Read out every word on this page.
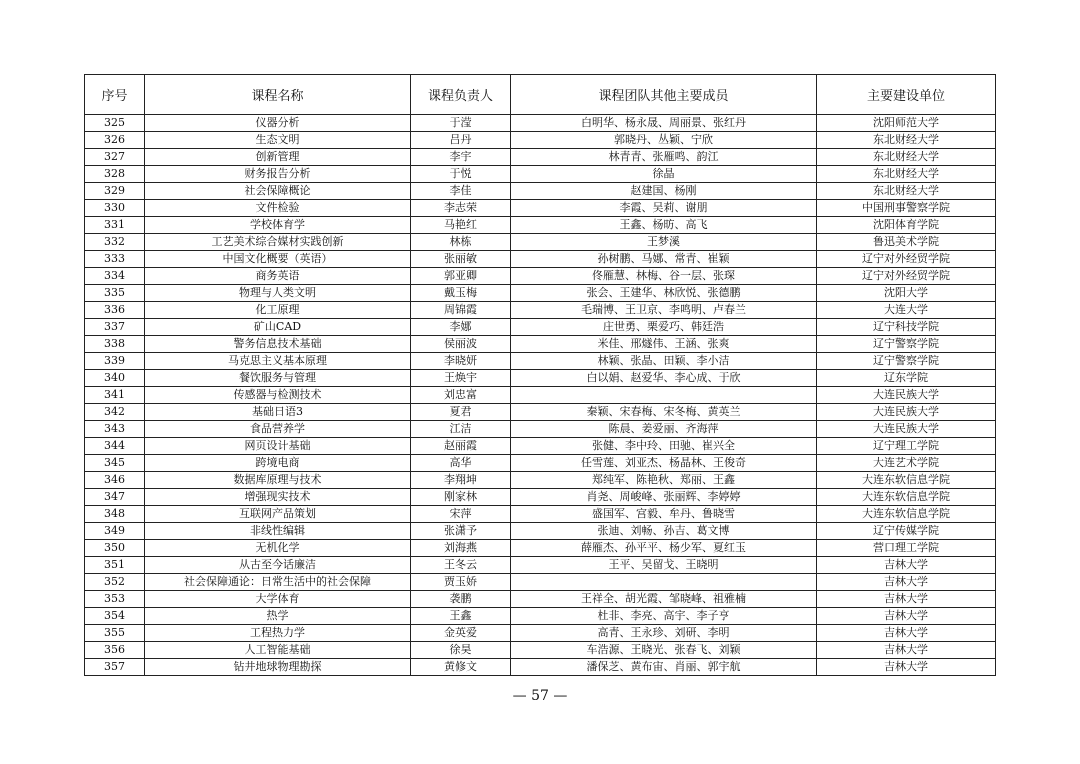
序号	课程名称	课程负责人	课程团队其他主要成员	主要建设单位
325	仪器分析	于滢	白明华、杨永晟、周丽景、张红丹	沈阳师范大学
326	生态文明	吕丹	郭晓丹、丛颖、宁欣	东北财经大学
327	创新管理	李宇	林青青、张雁鸣、韵江	东北财经大学
328	财务报告分析	于悦	徐晶	东北财经大学
329	社会保障概论	李佳	赵建国、杨刚	东北财经大学
330	文件检验	李志荣	李霞、吴莉、谢朋	中国刑事警察学院
331	学校体育学	马艳红	王鑫、杨昉、高飞	沈阳体育学院
332	工艺美术综合媒材实践创新	林栋	王梦溪	鲁迅美术学院
333	中国文化概要（英语）	张丽敏	孙树鹏、马娜、常青、崔颖	辽宁对外经贸学院
334	商务英语	郭亚卿	佟雁慧、林梅、谷一层、张琛	辽宁对外经贸学院
335	物理与人类文明	戴玉梅	张会、王建华、林欣悦、张德鹏	沈阳大学
336	化工原理	周锦霞	毛瑞博、王卫京、李鸣明、卢春兰	大连大学
337	矿山CAD	李娜	庄世勇、栗爱巧、韩廷浩	辽宁科技学院
338	警务信息技术基础	侯丽波	米佳、邢燧伟、王涵、张爽	辽宁警察学院
339	马克思主义基本原理	李晓妍	林颖、张晶、田颖、李小洁	辽宁警察学院
340	餐饮服务与管理	王焕宇	白以娟、赵爱华、李心成、于欣	辽东学院
341	传感器与检测技术	刘忠富		大连民族大学
342	基础日语3	夏君	秦颖、宋春梅、宋冬梅、黄英兰	大连民族大学
343	食品营养学	江洁	陈晨、姜爱丽、齐海萍	大连民族大学
344	网页设计基础	赵丽霞	张健、李中玲、田驰、崔兴全	辽宁理工学院
345	跨境电商	高华	任雪莲、刘亚杰、杨晶林、王俊奇	大连艺术学院
346	数据库原理与技术	李翔坤	郑纯军、陈艳秋、郑丽、王鑫	大连东软信息学院
347	增强现实技术	刚家林	肖尧、周峻峰、张丽辉、李婷婷	大连东软信息学院
348	互联网产品策划	宋萍	盛国军、宫毅、牟丹、鲁晓雪	大连东软信息学院
349	非线性编辑	张潇予	张迪、刘畅、孙吉、葛文博	辽宁传媒学院
350	无机化学	刘海燕	薛雁杰、孙平平、杨少军、夏红玉	营口理工学院
351	从古至今话廉洁	王冬云	王平、吴留戈、王晓明	吉林大学
352	社会保障通论：日常生活中的社会保障	贾玉娇		吉林大学
353	大学体育	袭鹏	王祥全、胡光霞、邹晓峰、祖雅楠	吉林大学
354	热学	王鑫	杜非、李亮、高宇、李子亨	吉林大学
355	工程热力学	金英爱	高青、王永珍、刘研、李明	吉林大学
356	人工智能基础	徐昊	车浩源、王晓光、张春飞、刘颖	吉林大学
357	钻井地球物理勘探	黄修文	潘保芝、黄布宙、肖丽、郭宇航	吉林大学
— 57 —
